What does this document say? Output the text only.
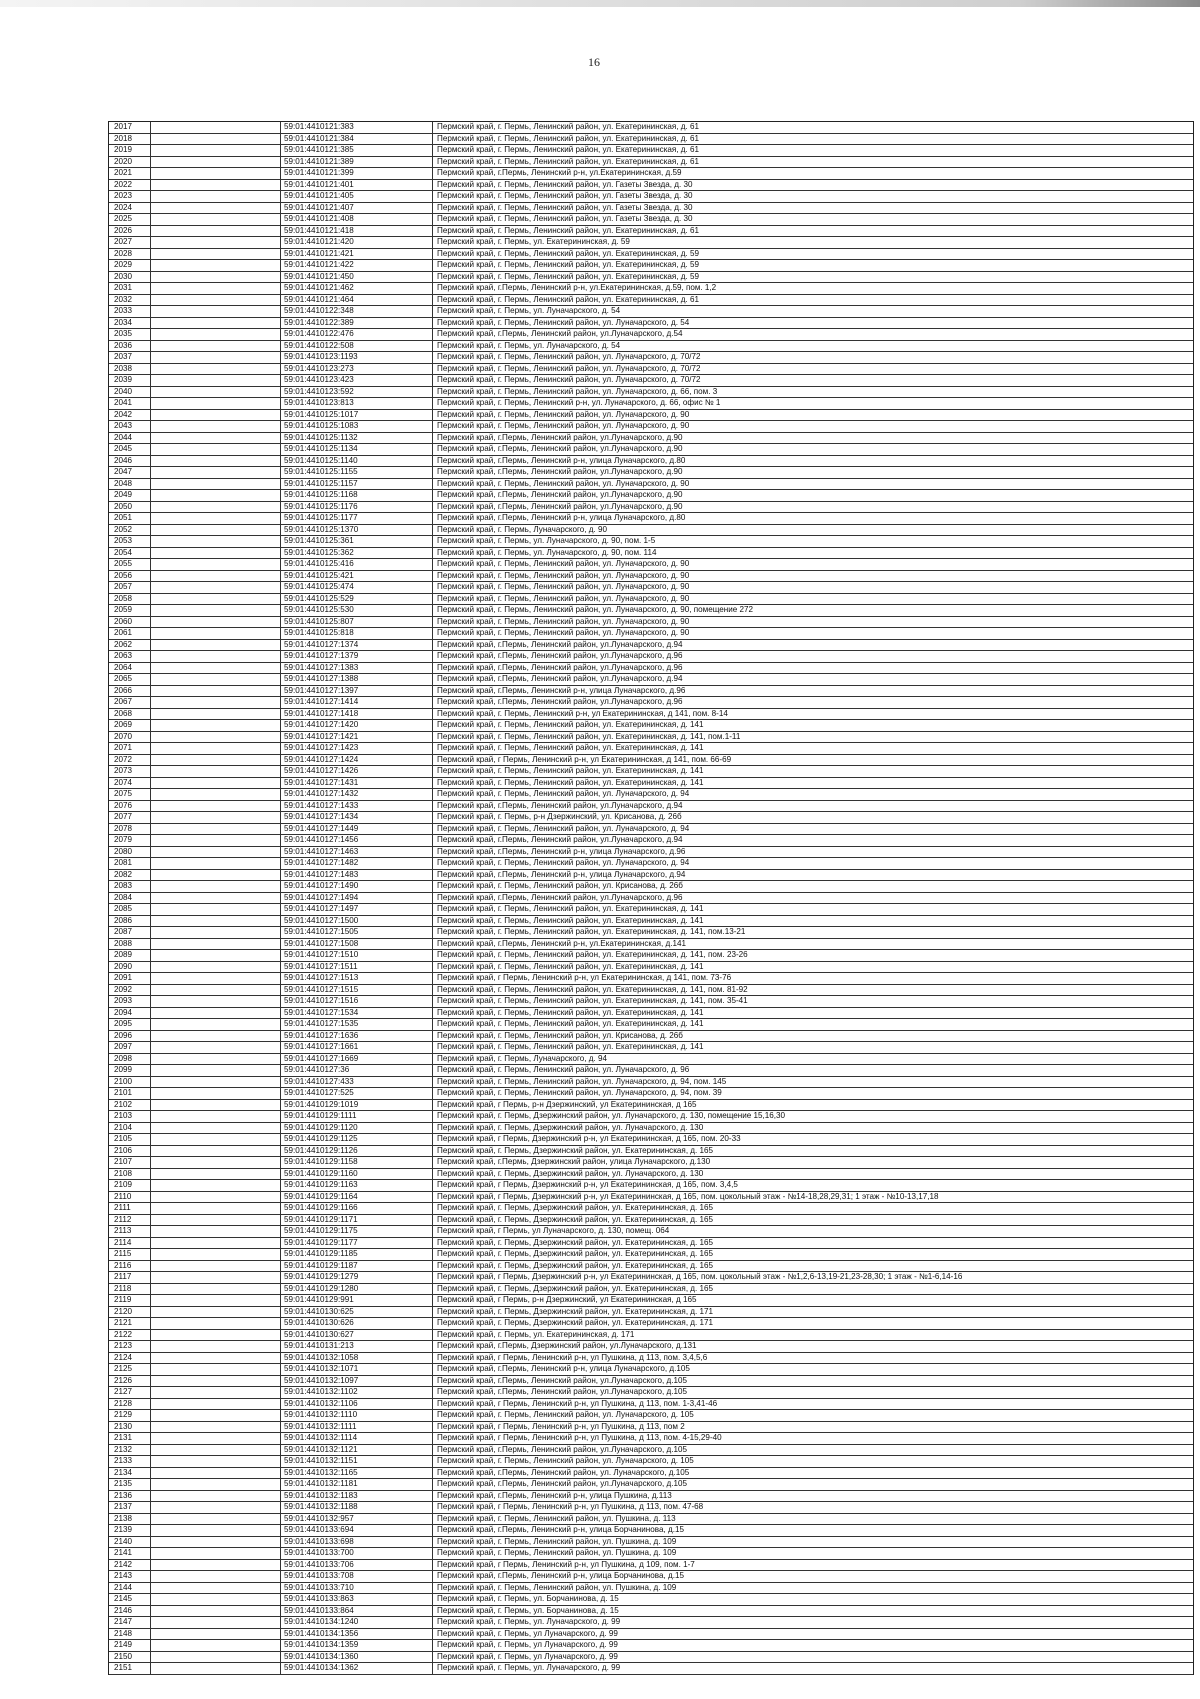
16
2017	59:01:4410121:383	Пермский край, г. Пермь, Ленинский район, ул. Екатерининская, д. 61
2018	59:01:4410121:384	Пермский край, г. Пермь, Ленинский район, ул. Екатерининская, д. 61
2019	59:01:4410121:385	Пермский край, г. Пермь, Ленинский район, ул. Екатерининская, д. 61
2020	59:01:4410121:389	Пермский край, г. Пермь, Ленинский район, ул. Екатерининская, д. 61
2021	59:01:4410121:399	Пермский край, г.Пермь, Ленинский р-н, ул.Екатерининская, д.59
2022	59:01:4410121:401	Пермский край, г. Пермь, Ленинский район, ул. Газеты Звезда, д. 30
2023	59:01:4410121:405	Пермский край, г. Пермь, Ленинский район, ул. Газеты Звезда, д. 30
2024	59:01:4410121:407	Пермский край, г. Пермь, Ленинский район, ул. Газеты Звезда, д. 30
2025	59:01:4410121:408	Пермский край, г. Пермь, Ленинский район, ул. Газеты Звезда, д. 30
2026	59:01:4410121:418	Пермский край, г. Пермь, Ленинский район, ул. Екатерининская, д. 61
2027	59:01:4410121:420	Пермский край, г. Пермь, ул. Екатерининская, д. 59
2028	59:01:4410121:421	Пермский край, г. Пермь, Ленинский район, ул. Екатерининская, д. 59
2029	59:01:4410121:422	Пермский край, г. Пермь, Ленинский район, ул. Екатерининская, д. 59
2030	59:01:4410121:450	Пермский край, г. Пермь, Ленинский район, ул. Екатерининская, д. 59
2031	59:01:4410121:462	Пермский край, г.Пермь, Ленинский р-н, ул.Екатерининская, д.59, пом. 1,2
2032	59:01:4410121:464	Пермский край, г. Пермь, Ленинский район, ул. Екатерининская, д. 61
2033	59:01:4410122:348	Пермский край, г. Пермь, ул. Луначарского, д. 54
2034	59:01:4410122:389	Пермский край, г. Пермь, Ленинский район, ул. Луначарского, д. 54
2035	59:01:4410122:476	Пермский край, г.Пермь, Ленинский район, ул.Луначарского, д.54
2036	59:01:4410122:508	Пермский край, г. Пермь, ул. Луначарского, д. 54
2037	59:01:4410123:1193	Пермский край, г. Пермь, Ленинский район, ул. Луначарского, д. 70/72
2038	59:01:4410123:273	Пермский край, г. Пермь, Ленинский район, ул. Луначарского, д. 70/72
2039	59:01:4410123:423	Пермский край, г. Пермь, Ленинский район, ул. Луначарского, д. 70/72
2040	59:01:4410123:592	Пермский край, г. Пермь, Ленинский район, ул. Луначарского, д. 66, пом. 3
2041	59:01:4410123:813	Пермский край, г. Пермь, Ленинский р-н, ул. Луначарского, д. 66, офис № 1
2042	59:01:4410125:1017	Пермский край, г. Пермь, Ленинский район, ул. Луначарского, д. 90
2043	59:01:4410125:1083	Пермский край, г. Пермь, Ленинский район, ул. Луначарского, д. 90
2044	59:01:4410125:1132	Пермский край, г.Пермь, Ленинский район, ул.Луначарского, д.90
2045	59:01:4410125:1134	Пермский край, г.Пермь, Ленинский район, ул.Луначарского, д.90
2046	59:01:4410125:1140	Пермский край, г.Пермь, Ленинский р-н, улица Луначарского, д.80
2047	59:01:4410125:1155	Пермский край, г.Пермь, Ленинский район, ул.Луначарского, д.90
2048	59:01:4410125:1157	Пермский край, г. Пермь, Ленинский район, ул. Луначарского, д. 90
2049	59:01:4410125:1168	Пермский край, г.Пермь, Ленинский район, ул.Луначарского, д.90
2050	59:01:4410125:1176	Пермский край, г.Пермь, Ленинский район, ул.Луначарского, д.90
2051	59:01:4410125:1177	Пермский край, г.Пермь, Ленинский р-н, улица Луначарского, д.80
2052	59:01:4410125:1370	Пермский край, г. Пермь, Луначарского, д. 90
2053	59:01:4410125:361	Пермский край, г. Пермь, ул. Луначарского, д. 90, пом. 1-5
2054	59:01:4410125:362	Пермский край, г. Пермь, ул. Луначарского, д. 90, пом. 114
2055	59:01:4410125:416	Пермский край, г. Пермь, Ленинский район, ул. Луначарского, д. 90
2056	59:01:4410125:421	Пермский край, г. Пермь, Ленинский район, ул. Луначарского, д. 90
2057	59:01:4410125:474	Пермский край, г. Пермь, Ленинский район, ул. Луначарского, д. 90
2058	59:01:4410125:529	Пермский край, г. Пермь, Ленинский район, ул. Луначарского, д. 90
2059	59:01:4410125:530	Пермский край, г. Пермь, Ленинский район, ул. Луначарского, д. 90, помещение 272
2060	59:01:4410125:807	Пермский край, г. Пермь, Ленинский район, ул. Луначарского, д. 90
2061	59:01:4410125:818	Пермский край, г. Пермь, Ленинский район, ул. Луначарского, д. 90
2062	59:01:4410127:1374	Пермский край, г.Пермь, Ленинский район, ул.Луначарского, д.94
2063	59:01:4410127:1379	Пермский край, г.Пермь, Ленинский район, ул.Луначарского, д.96
2064	59:01:4410127:1383	Пермский край, г.Пермь, Ленинский район, ул.Луначарского, д.96
2065	59:01:4410127:1388	Пермский край, г.Пермь, Ленинский район, ул.Луначарского, д.94
2066	59:01:4410127:1397	Пермский край, г.Пермь, Ленинский р-н, улица Луначарского, д.96
2067	59:01:4410127:1414	Пермский край, г.Пермь, Ленинский район, ул.Луначарского, д.96
2068	59:01:4410127:1418	Пермский край, г. Пермь, Ленинский р-н, ул Екатерининская, д 141, пом. 8-14
2069	59:01:4410127:1420	Пермский край, г. Пермь, Ленинский район, ул. Екатерининская, д. 141
2070	59:01:4410127:1421	Пермский край, г. Пермь, Ленинский район, ул. Екатерининская, д. 141, пом.1-11
2071	59:01:4410127:1423	Пермский край, г. Пермь, Ленинский район, ул. Екатерининская, д. 141
2072	59:01:4410127:1424	Пермский край, г Пермь, Ленинский р-н, ул Екатерининская, д 141, пом. 66-69
2073	59:01:4410127:1426	Пермский край, г. Пермь, Ленинский район, ул. Екатерининская, д. 141
2074	59:01:4410127:1431	Пермский край, г. Пермь, Ленинский район, ул. Екатерининская, д. 141
2075	59:01:4410127:1432	Пермский край, г. Пермь, Ленинский район, ул. Луначарского, д. 94
2076	59:01:4410127:1433	Пермский край, г.Пермь, Ленинский район, ул.Луначарского, д.94
2077	59:01:4410127:1434	Пермский край, г. Пермь, р-н Дзержинский, ул. Крисанова, д. 26б
2078	59:01:4410127:1449	Пермский край, г. Пермь, Ленинский район, ул. Луначарского, д. 94
2079	59:01:4410127:1456	Пермский край, г.Пермь, Ленинский район, ул.Луначарского, д.94
2080	59:01:4410127:1463	Пермский край, г.Пермь, Ленинский р-н, улица Луначарского, д.96
2081	59:01:4410127:1482	Пермский край, г. Пермь, Ленинский район, ул. Луначарского, д. 94
2082	59:01:4410127:1483	Пермский край, г.Пермь, Ленинский р-н, улица Луначарского, д.94
2083	59:01:4410127:1490	Пермский край, г. Пермь, Ленинский район, ул. Крисанова, д. 26б
2084	59:01:4410127:1494	Пермский край, г.Пермь, Ленинский район, ул.Луначарского, д.96
2085	59:01:4410127:1497	Пермский край, г. Пермь, Ленинский район, ул. Екатерининская, д. 141
2086	59:01:4410127:1500	Пермский край, г. Пермь, Ленинский район, ул. Екатерининская, д. 141
2087	59:01:4410127:1505	Пермский край, г. Пермь, Ленинский район, ул. Екатерининская, д. 141, пом.13-21
2088	59:01:4410127:1508	Пермский край, г.Пермь, Ленинский р-н, ул.Екатерининская, д.141
2089	59:01:4410127:1510	Пермский край, г. Пермь, Ленинский район, ул. Екатерининская, д. 141, пом. 23-26
2090	59:01:4410127:1511	Пермский край, г. Пермь, Ленинский район, ул. Екатерининская, д. 141
2091	59:01:4410127:1513	Пермский край, г Пермь, Ленинский р-н, ул Екатерининская, д 141, пом. 73-76
2092	59:01:4410127:1515	Пермский край, г. Пермь, Ленинский район, ул. Екатерининская, д. 141, пом. 81-92
2093	59:01:4410127:1516	Пермский край, г. Пермь, Ленинский район, ул. Екатерининская, д. 141, пом. 35-41
2094	59:01:4410127:1534	Пермский край, г. Пермь, Ленинский район, ул. Екатерининская, д. 141
2095	59:01:4410127:1535	Пермский край, г. Пермь, Ленинский район, ул. Екатерининская, д. 141
2096	59:01:4410127:1636	Пермский край, г. Пермь, Ленинский район, ул. Крисанова, д. 26б
2097	59:01:4410127:1661	Пермский край, г. Пермь, Ленинский район, ул. Екатерининская, д. 141
2098	59:01:4410127:1669	Пермский край, г. Пермь, Луначарского, д. 94
2099	59:01:4410127:36	Пермский край, г. Пермь, Ленинский район, ул. Луначарского, д. 96
2100	59:01:4410127:433	Пермский край, г. Пермь, Ленинский район, ул. Луначарского, д. 94, пом. 145
2101	59:01:4410127:525	Пермский край, г. Пермь, Ленинский район, ул. Луначарского, д. 94, пом. 39
2102	59:01:4410129:1019	Пермский край, г Пермь, р-н Дзержинский, ул Екатерининская, д 165
2103	59:01:4410129:1111	Пермский край, г. Пермь, Дзержинский район, ул. Луначарского, д. 130, помещение 15,16,30
2104	59:01:4410129:1120	Пермский край, г. Пермь, Дзержинский район, ул. Луначарского, д. 130
2105	59:01:4410129:1125	Пермский край, г Пермь, Дзержинский р-н, ул Екатерининская, д 165, пом. 20-33
2106	59:01:4410129:1126	Пермский край, г. Пермь, Дзержинский район, ул. Екатерининская, д. 165
2107	59:01:4410129:1158	Пермский край, г.Пермь, Дзержинский район, улица Луначарского, д.130
2108	59:01:4410129:1160	Пермский край, г. Пермь, Дзержинский район, ул. Луначарского, д. 130
2109	59:01:4410129:1163	Пермский край, г Пермь, Дзержинский р-н, ул Екатерининская, д 165, пом. 3,4,5
2110	59:01:4410129:1164	Пермский край, г Пермь, Дзержинский р-н, ул Екатерининская, д 165, пом. цокольный этаж - №14-18,28,29,31; 1 этаж - №10-13,17,18
2111	59:01:4410129:1166	Пермский край, г. Пермь, Дзержинский район, ул. Екатерининская, д. 165
2112	59:01:4410129:1171	Пермский край, г. Пермь, Дзержинский район, ул. Екатерининская, д. 165
2113	59:01:4410129:1175	Пермский край, г Пермь, ул Луначарского, д. 130, помещ. 064
2114	59:01:4410129:1177	Пермский край, г. Пермь, Дзержинский район, ул. Екатерининская, д. 165
2115	59:01:4410129:1185	Пермский край, г. Пермь, Дзержинский район, ул. Екатерининская, д. 165
2116	59:01:4410129:1187	Пермский край, г. Пермь, Дзержинский район, ул. Екатерининская, д. 165
2117	59:01:4410129:1279	Пермский край, г Пермь, Дзержинский р-н, ул Екатерининская, д 165, пом. цокольный этаж - №1,2,6-13,19-21,23-28,30; 1 этаж - №1-6,14-16
2118	59:01:4410129:1280	Пермский край, г. Пермь, Дзержинский район, ул. Екатерининская, д. 165
2119	59:01:4410129:991	Пермский край, г Пермь, р-н Дзержинский, ул Екатерининская, д 165
2120	59:01:4410130:625	Пермский край, г. Пермь, Дзержинский район, ул. Екатерининская, д. 171
2121	59:01:4410130:626	Пермский край, г. Пермь, Дзержинский район, ул. Екатерининская, д. 171
2122	59:01:4410130:627	Пермский край, г. Пермь, ул. Екатерининская, д. 171
2123	59:01:4410131:213	Пермский край, г.Пермь, Дзержинский район, ул.Луначарского, д.131
2124	59:01:4410132:1058	Пермский край, г Пермь, Ленинский р-н, ул Пушкина, д 113, пом. 3,4,5,6
2125	59:01:4410132:1071	Пермский край, г.Пермь, Ленинский р-н, улица Луначарского, д.105
2126	59:01:4410132:1097	Пермский край, г.Пермь, Ленинский район, ул.Луначарского, д.105
2127	59:01:4410132:1102	Пермский край, г.Пермь, Ленинский район, ул.Луначарского, д.105
2128	59:01:4410132:1106	Пермский край, г Пермь, Ленинский р-н, ул Пушкина, д 113, пом. 1-3,41-46
2129	59:01:4410132:1110	Пермский край, г. Пермь, Ленинский район, ул. Луначарского, д. 105
2130	59:01:4410132:1111	Пермский край, г Пермь, Ленинский р-н, ул Пушкина, д 113, пом 2
2131	59:01:4410132:1114	Пермский край, г Пермь, Ленинский р-н, ул Пушкина, д 113, пом. 4-15,29-40
2132	59:01:4410132:1121	Пермский край, г.Пермь, Ленинский район, ул.Луначарского, д.105
2133	59:01:4410132:1151	Пермский край, г. Пермь, Ленинский район, ул. Луначарского, д. 105
2134	59:01:4410132:1165	Пермский край, г.Пермь, Ленинский район, ул. Луначарского, д.105
2135	59:01:4410132:1181	Пермский край, г.Пермь, Ленинский район, ул.Луначарского, д.105
2136	59:01:4410132:1183	Пермский край, г.Пермь, Ленинский р-н, улица Пушкина, д.113
2137	59:01:4410132:1188	Пермский край, г Пермь, Ленинский р-н, ул Пушкина, д 113, пом. 47-68
2138	59:01:4410132:957	Пермский край, г. Пермь, Ленинский район, ул. Пушкина, д. 113
2139	59:01:4410133:694	Пермский край, г.Пермь, Ленинский р-н, улица Борчанинова, д.15
2140	59:01:4410133:698	Пермский край, г. Пермь, Ленинский район, ул. Пушкина, д. 109
2141	59:01:4410133:700	Пермский край, г. Пермь, Ленинский район, ул. Пушкина, д. 109
2142	59:01:4410133:706	Пермский край, г Пермь, Ленинский р-н, ул Пушкина, д 109, пом. 1-7
2143	59:01:4410133:708	Пермский край, г.Пермь, Ленинский р-н, улица Борчанинова, д.15
2144	59:01:4410133:710	Пермский край, г. Пермь, Ленинский район, ул. Пушкина, д. 109
2145	59:01:4410133:863	Пермский край, г. Пермь, ул. Борчанинова, д. 15
2146	59:01:4410133:864	Пермский край, г. Пермь, ул. Борчанинова, д. 15
2147	59:01:4410134:1240	Пермский край, г. Пермь, ул. Луначарского, д. 99
2148	59:01:4410134:1356	Пермский край, г. Пермь, ул Луначарского, д. 99
2149	59:01:4410134:1359	Пермский край, г. Пермь, ул Луначарского, д. 99
2150	59:01:4410134:1360	Пермский край, г. Пермь, ул Луначарского, д. 99
2151	59:01:4410134:1362	Пермский край, г. Пермь, ул. Луначарского, д. 99
